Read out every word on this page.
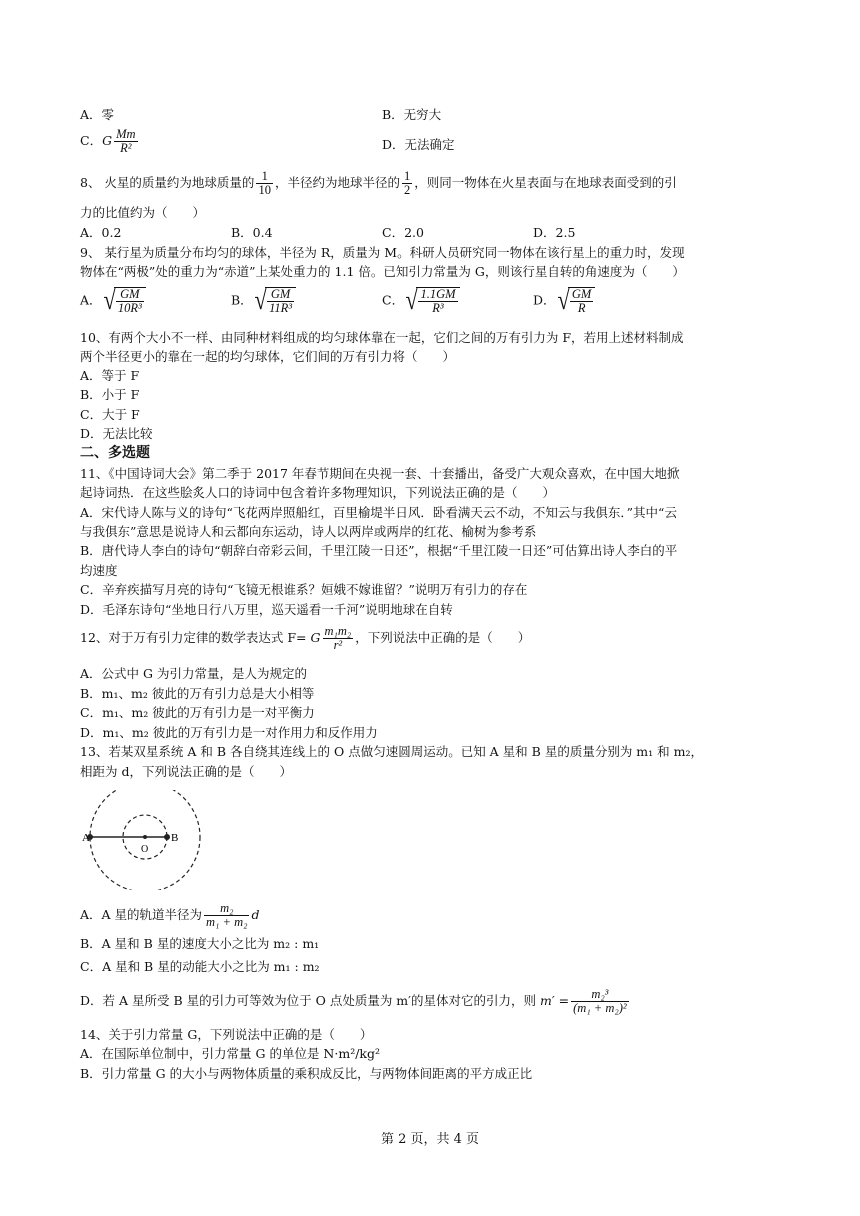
A．零	B．无穷大
C．G $\frac{Mm}{\text{R²}}$	D．无法确定
8、 火星的质量约为地球质量的 $\frac{1}{10}$ ，半径约为地球半径的 $\frac{1}{2}$ ，则同一物体在火星表面与在地球表面受到的引
力的比值约为（　　）
A．0.2	B．0.4	C．2.0	D．2.5
9、 某行星为质量分布均匀的球体，半径为 R，质量为 M。科研人员研究同一物体在该行星上的重力时，发现
物体在“两极”处的重力为“赤道”上某处重力的 1.1 倍。已知引力常量为 G，则该行星自转的角速度为（　　）
A． √ $\frac{GM}{\text{10R³}}$	B． √ $\frac{GM}{\text{11R³}}$	C． √ $\frac{1.1GM}{\text{R³}}$	D． √ $\frac{GM}{R}$
10、有两个大小不一样、由同种材料组成的均匀球体靠在一起，它们之间的万有引力为 F，若用上述材料制成
两个半径更小的靠在一起的均匀球体，它们间的万有引力将（　　）
A．等于 F
B．小于 F
C．大于 F
D．无法比较
二、多选题
11、《中国诗词大会》第二季于 2017 年春节期间在央视一套、十套播出，备受广大观众喜欢，在中国大地掀
起诗词热．在这些脍炙人口的诗词中包含着许多物理知识，下列说法正确的是（　　）
A．宋代诗人陈与义的诗句“飞花两岸照船红，百里榆堤半日风．卧看满天云不动，不知云与我俱东．”其中“云
与我俱东”意思是说诗人和云都向东运动，诗人以两岸或两岸的红花、榆树为参考系
B．唐代诗人李白的诗句“朝辞白帝彩云间，千里江陵一日还”，根据“千里江陵一日还”可估算出诗人李白的平
均速度
C．辛弃疾描写月亮的诗句“飞镜无根谁系？姮娥不嫁谁留？”说明万有引力的存在
D．毛泽东诗句“坐地日行八万里，巡天遥看一千河”说明地球在自转
12、对于万有引力定律的数学表达式 F= G $\frac{\text{m₁m₂}}{\text{r²}}$ ，下列说法中正确的是（　　）
A．公式中 G 为引力常量，是人为规定的
B．m₁、m₂ 彼此的万有引力总是大小相等
C．m₁、m₂ 彼此的万有引力是一对平衡力
D．m₁、m₂ 彼此的万有引力是一对作用力和反作用力
13、若某双星系统 A 和 B 各自绕其连线上的 O 点做匀速圆周运动。已知 A 星和 B 星的质量分别为 m₁ 和 m₂，
相距为 d，下列说法正确的是（　　）
A	B
O
A．A 星的轨道半径为 $\frac{\text{m₂}}{\text{m₁ + m₂}}$ d
B．A 星和 B 星的速度大小之比为 m₂ : m₁
C．A 星和 B 星的动能大小之比为 m₁ : m₂
D．若 A 星所受 B 星的引力可等效为位于 O 点处质量为 m′的星体对它的引力，则 $m' = \frac{\text{m₂³}}{\text{(m₁ + m₂)²}}$
14、关于引力常量 G，下列说法中正确的是（　　）
A．在国际单位制中，引力常量 G 的单位是 N·m²/kg²
B．引力常量 G 的大小与两物体质量的乘积成反比，与两物体间距离的平方成正比
第 2 页，共 4 页
